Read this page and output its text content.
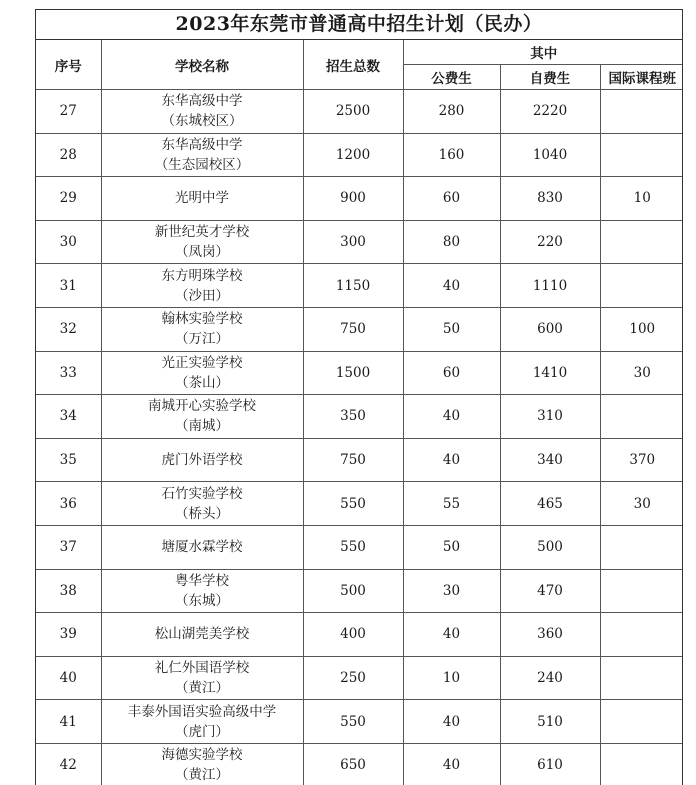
2023年东莞市普通高中招生计划（民办）
序号	学校名称	招生总数	其中		
			公费生	自费生	国际课程班
27	东华高级中学
（东城校区）	2500	280	2220	
28	东华高级中学
（生态园校区）	1200	160	1040	
29	光明中学	900	60	830	10
30	新世纪英才学校
（凤岗）	300	80	220	
31	东方明珠学校
（沙田）	1150	40	1110	
32	翰林实验学校
（万江）	750	50	600	100
33	光正实验学校
（茶山）	1500	60	1410	30
34	南城开心实验学校
（南城）	350	40	310	
35	虎门外语学校	750	40	340	370
36	石竹实验学校
（桥头）	550	55	465	30
37	塘厦水霖学校	550	50	500	
38	粤华学校
（东城）	500	30	470	
39	松山湖莞美学校	400	40	360	
40	礼仁外国语学校
（黄江）	250	10	240	
41	丰泰外国语实验高级中学
（虎门）	550	40	510	
42	海德实验学校
（黄江）	650	40	610	
